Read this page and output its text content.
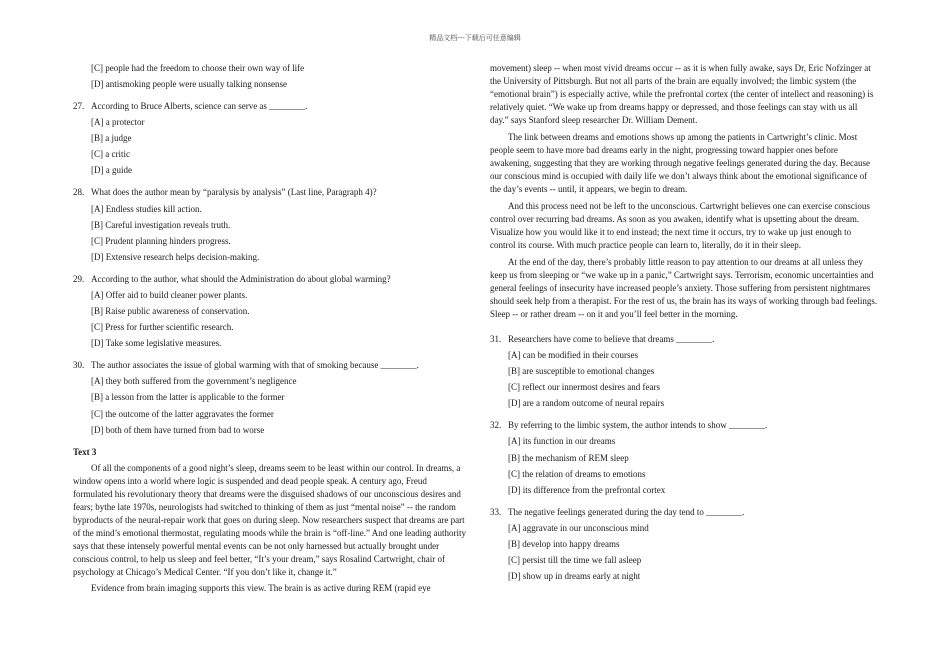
精品文档---下载后可任意编辑
[C] people had the freedom to choose their own way of life
[D] antismoking people were usually talking nonsense
27. According to Bruce Alberts, science can serve as ________.
[A] a protector
[B] a judge
[C] a critic
[D] a guide
28. What does the author mean by “paralysis by analysis” (Last line, Paragraph 4)?
[A] Endless studies kill action.
[B] Careful investigation reveals truth.
[C] Prudent planning hinders progress.
[D] Extensive research helps decision-making.
29. According to the author, what should the Administration do about global warming?
[A] Offer aid to build cleaner power plants.
[B] Raise public awareness of conservation.
[C] Press for further scientific research.
[D] Take some legislative measures.
30. The author associates the issue of global warming with that of smoking because ________.
[A] they both suffered from the government’s negligence
[B] a lesson from the latter is applicable to the former
[C] the outcome of the latter aggravates the former
[D] both of them have turned from bad to worse
Text 3

Of all the components of a good night’s sleep, dreams seem to be least within our control. In dreams, a window opens into a world where logic is suspended and dead people speak. A century ago, Freud formulated his revolutionary theory that dreams were the disguised shadows of our unconscious desires and fears; bythe late 1970s, neurologists had switched to thinking of them as just “mental noise” -- the random byproducts of the neural-repair work that goes on during sleep. Now researchers suspect that dreams are part of the mind’s emotional thermostat, regulating moods while the brain is “off-line.” And one leading authority says that these intensely powerful mental events can be not only harnessed but actually brought under conscious control, to help us sleep and feel better, “It’s your dream,” says Rosalind Cartwright, chair of psychology at Chicago’s Medical Center. “If you don’t like it, change it.”

Evidence from brain imaging supports this view. The brain is as active during REM (rapid eye

movement) sleep -- when most vivid dreams occur -- as it is when fully awake, says Dr, Eric Nofzinger at the University of Pittsburgh. But not all parts of the brain are equally involved; the limbic system (the “emotional brain”) is especially active, while the prefrontal cortex (the center of intellect and reasoning) is relatively quiet. “We wake up from dreams happy or depressed, and those feelings can stay with us all day.” says Stanford sleep researcher Dr. William Dement.

The link between dreams and emotions shows up among the patients in Cartwright’s clinic. Most people seem to have more bad dreams early in the night, progressing toward happier ones before awakening, suggesting that they are working through negative feelings generated during the day. Because our conscious mind is occupied with daily life we don’t always think about the emotional significance of the day’s events -- until, it appears, we begin to dream.

And this process need not be left to the unconscious. Cartwright believes one can exercise conscious control over recurring bad dreams. As soon as you awaken, identify what is upsetting about the dream. Visualize how you would like it to end instead; the next time it occurs, try to wake up just enough to control its course. With much practice people can learn to, literally, do it in their sleep.

At the end of the day, there’s probably little reason to pay attention to our dreams at all unless they keep us from sleeping or “we wake up in a panic,” Cartwright says. Terrorism, economic uncertainties and general feelings of insecurity have increased people’s anxiety. Those suffering from persistent nightmares should seek help from a therapist. For the rest of us, the brain has its ways of working through bad feelings. Sleep -- or rather dream -- on it and you’ll feel better in the morning.

31. Researchers have come to believe that dreams ________.
[A] can be modified in their courses
[B] are susceptible to emotional changes
[C] reflect our innermost desires and fears
[D] are a random outcome of neural repairs
32. By referring to the limbic system, the author intends to show ________.
[A] its function in our dreams
[B] the mechanism of REM sleep
[C] the relation of dreams to emotions
[D] its difference from the prefrontal cortex
33. The negative feelings generated during the day tend to ________.
[A] aggravate in our unconscious mind
[B] develop into happy dreams
[C] persist till the time we fall asleep
[D] show up in dreams early at night
